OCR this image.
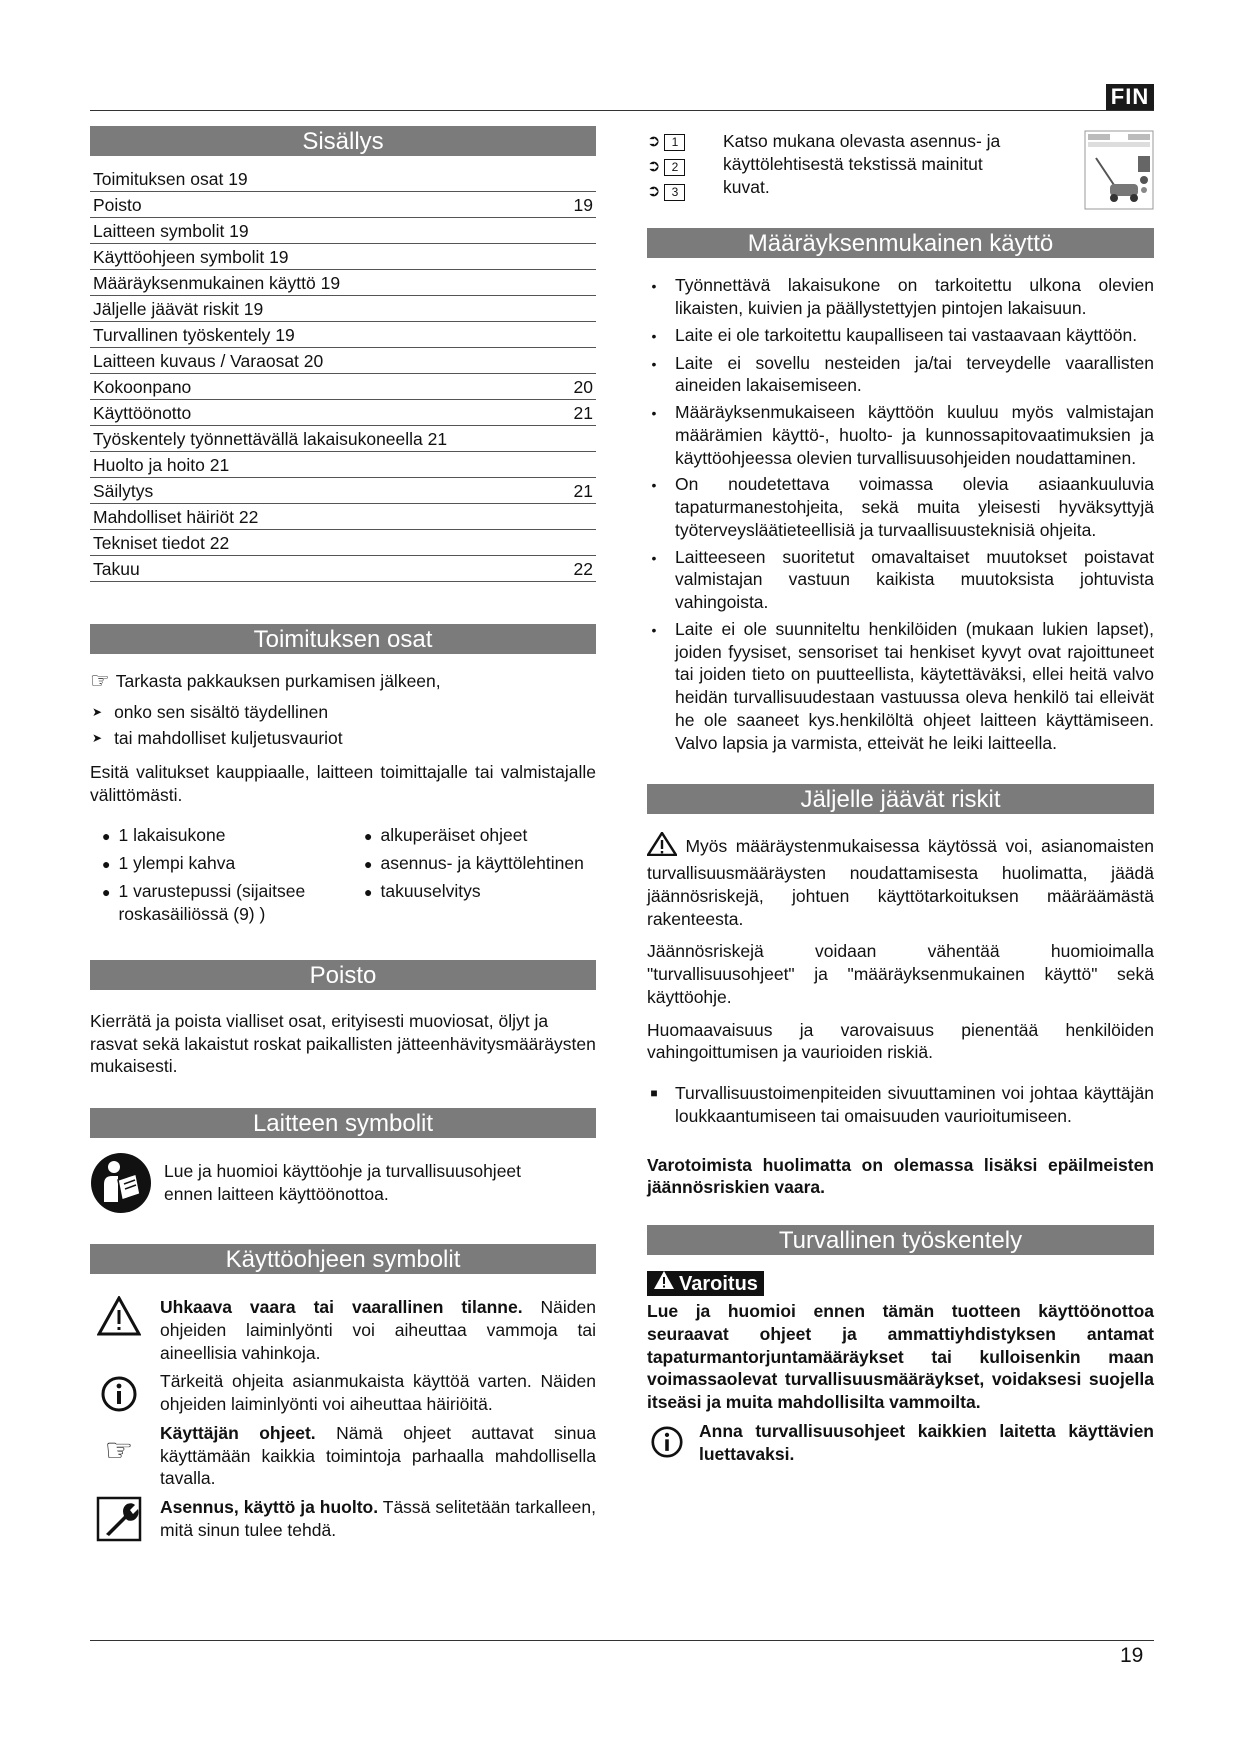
FIN
Sisällys
Toimituksen osat 19
Poisto	19
Laitteen symbolit 19
Käyttöohjeen symbolit 19
Määräyksenmukainen käyttö 19
Jäljelle jäävät riskit 19
Turvallinen työskentely 19
Laitteen kuvaus / Varaosat 20
Kokoonpano	20
Käyttöönotto	21
Työskentely työnnettävällä lakaisukoneella 21
Huolto ja hoito 21
Säilytys	21
Mahdolliset häiriöt 22
Tekniset tiedot 22
Takuu	22
Toimituksen osat
☞ Tarkasta pakkauksen purkamisen jälkeen,
➤ onko sen sisältö täydellinen
➤ tai mahdolliset kuljetusvauriot

Esitä valitukset kauppiaalle, laitteen toimittajalle tai valmistajalle välittömästi.

● 1 lakaisukone
● 1 ylempi kahva
● 1 varustepussi (sijaitsee roskasäiliössä (9) )
● alkuperäiset ohjeet
● asennus- ja käyttölehtinen
● takuuselvitys
Poisto

Kierrätä ja poista vialliset osat, erityisesti muoviosat, öljyt ja rasvat sekä lakaistut roskat paikallisten jätteenhävitysmääräysten mukaisesti.

Laitteen symbolit
Lue ja huomioi käyttöohje ja turvallisuusohjeet ennen laitteen käyttöönottoa.
Käyttöohjeen symbolit
Uhkaava vaara tai vaarallinen tilanne. Näiden ohjeiden laiminlyönti voi aiheuttaa vammoja tai aineellisia vahinkoja.
Tärkeitä ohjeita asianmukaista käyttöä varten. Näiden ohjeiden laiminlyönti voi aiheuttaa häiriöitä.
☞ Käyttäjän ohjeet. Nämä ohjeet auttavat sinua käyttämään kaikkia toimintoja parhaalla mahdollisella tavalla.
Asennus, käyttö ja huolto. Tässä selitetään tarkalleen, mitä sinun tulee tehdä.
➲ 1
➲ 2
➲ 3
Katso mukana olevasta asennus- ja käyttölehtisestä tekstissä mainitut kuvat.
Määräyksenmukainen käyttö
• Työnnettävä lakaisukone on tarkoitettu ulkona olevien likaisten, kuivien ja päällystettyjen pintojen lakaisuun.
• Laite ei ole tarkoitettu kaupalliseen tai vastaavaan käyttöön.
• Laite ei sovellu nesteiden ja/tai terveydelle vaarallisten aineiden lakaisemiseen.
• Määräyksenmukaiseen käyttöön kuuluu myös valmistajan määrämien käyttö-, huolto- ja kunnossapitovaatimuksien ja käyttöohjeessa olevien turvallisuusohjeiden noudattaminen.
• On noudetettava voimassa olevia asiaankuuluvia tapaturmanestohjeita, sekä muita yleisesti hyväksyttyjä työterveysläätieteellisiä ja turvaallisuusteknisiä ohjeita.
• Laitteeseen suoritetut omavaltaiset muutokset poistavat valmistajan vastuun kaikista muutoksista johtuvista vahingoista.
• Laite ei ole suunniteltu henkilöiden (mukaan lukien lapset), joiden fyysiset, sensoriset tai henkiset kyvyt ovat rajoittuneet tai joiden tieto on puutteellista, käytettäväksi, ellei heitä valvo heidän turvallisuudestaan vastuussa oleva henkilö tai elleivät he ole saaneet kys.henkilöltä ohjeet laitteen käyttämiseen. Valvo lapsia ja varmista, etteivät he leiki laitteella.
Jäljelle jäävät riskit

Myös määräystenmukaisessa käytössä voi, asianomaisten turvallisuusmääräysten noudattamisesta huolimatta, jäädä jäännösriskejä, johtuen käyttötarkoituksen määräämästä rakenteesta.

Jäännösriskejä voidaan vähentää huomioimalla "turvallisuusohjeet" ja "määräyksenmukainen käyttö" sekä käyttöohje.

Huomaavaisuus ja varovaisuus pienentää henkilöiden vahingoittumisen ja vaurioiden riskiä.

■ Turvallisuustoimenpiteiden sivuuttaminen voi johtaa käyttäjän loukkaantumiseen tai omaisuuden vaurioitumiseen.

Varotoimista huolimatta on olemassa lisäksi epäilmeisten jäännösriskien vaara.

Turvallinen työskentely
Varoitus

Lue ja huomioi ennen tämän tuotteen käyttöönottoa seuraavat ohjeet ja ammattiyhdistyksen antamat tapaturmantorjuntamääräykset tai kulloisenkin maan voimassaolevat turvallisuusmääräykset, voidaksesi suojella itseäsi ja muita mahdollisilta vammoilta.

Anna turvallisuusohjeet kaikkien laitetta käyttävien luettavaksi.
19
